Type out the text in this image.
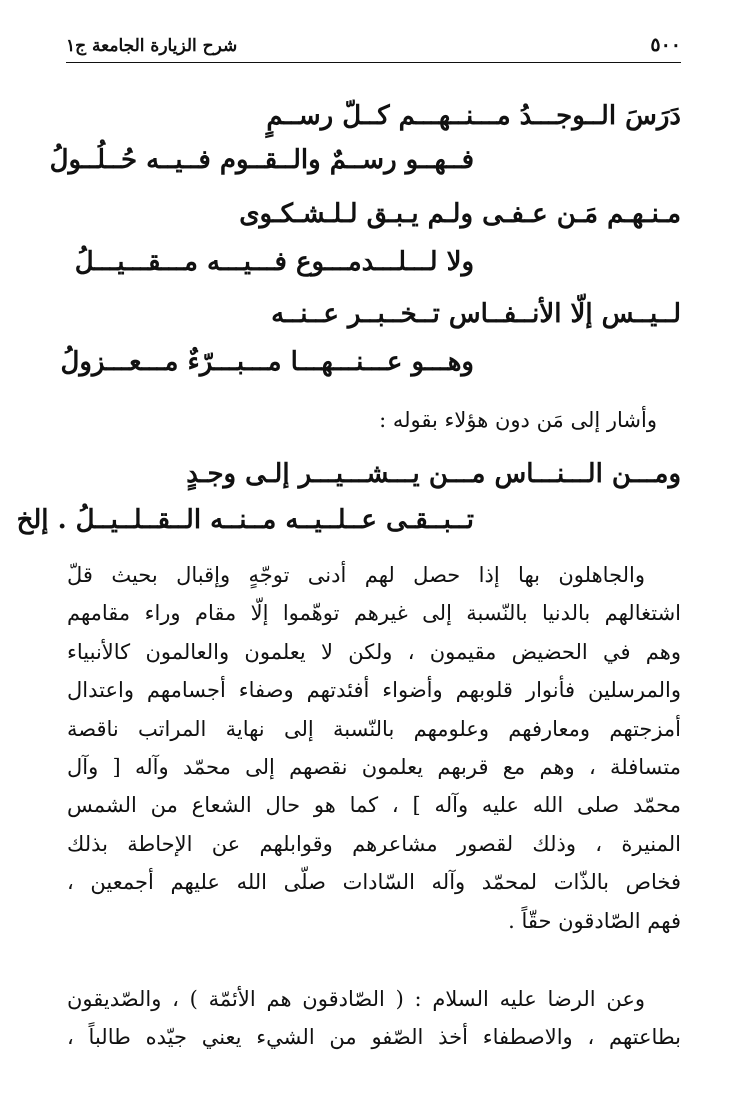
٥٠٠
شرح الزيارة الجامعة ج١

دَرَسَ الــوجـــدُ مـــنــهـــم كــلّ رســمٍ

فــهــو رســمٌ والــقــوم فــيــه حُــلُــولُ

مـنـهـم مَـن عـفـى ولـم يـبـق لـلـشـكـوى

ولا لـــلـــدمـــوع فـــيـــه مـــقـــيـــلُ

لــيــس إلّا الأنــفــاس تــخــبــر عــنــه

وهـــو عـــنـــهـــا مـــبـــرّءٌ مـــعـــزولُ

وأشار إلى مَن دون هؤلاء بقوله :

ومـــن الـــنـــاس مـــن يـــشـــيـــر إلـى وجـدٍ

تــبــقـى عــلــيــه مــنــه الــقــلــيــلُ . إلخ

والجاهلون بها إذا حصل لهم أدنى توجّهٍ وإقبال بحيث قلّ
اشتغالهم بالدنيا بالنّسبة إلى غيرهم توهّموا إلّا مقام وراء مقامهم
وهم في الحضيض مقيمون ، ولكن لا يعلمون والعالمون كالأنبياء
والمرسلين فأنوار قلوبهم وأضواء أفئدتهم وصفاء أجسامهم واعتدال
أمزجتهم ومعارفهم وعلومهم بالنّسبة إلى نهاية المراتب ناقصة
متسافلة ، وهم مع قربهم يعلمون نقصهم إلى محمّد وآله [ وآل
محمّد صلى الله عليه وآله ] ، كما هو حال الشعاع من الشمس
المنيرة ، وذلك لقصور مشاعرهم وقوابلهم عن الإحاطة بذلك
فخاص بالذّات لمحمّد وآله السّادات صلّى الله عليهم أجمعين ،
فهم الصّادقون حقّاً .
وعن الرضا عليه السلام : ( الصّادقون هم الأئمّة ) ، والصّديقون
بطاعتهم ، والاصطفاء أخذ الصّفو من الشيء يعني جيّده طالباً ،
